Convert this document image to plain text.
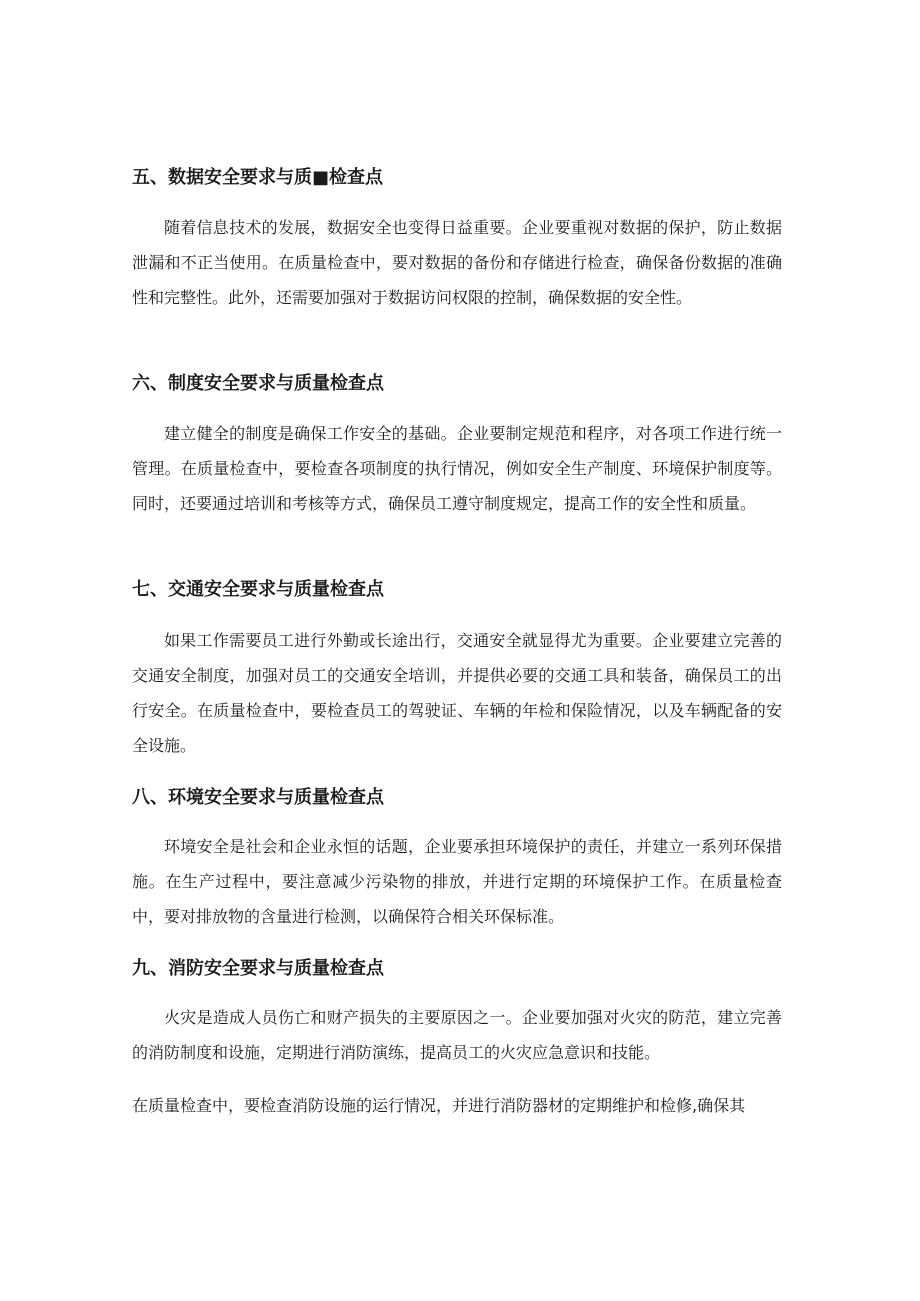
五、数据安全要求与质■检查点

随着信息技术的发展，数据安全也变得日益重要。企业要重视对数据的保护，防止数据泄漏和不正当使用。在质量检查中，要对数据的备份和存储进行检查，确保备份数据的准确性和完整性。此外，还需要加强对于数据访问权限的控制，确保数据的安全性。

六、制度安全要求与质量检查点

建立健全的制度是确保工作安全的基础。企业要制定规范和程序，对各项工作进行统一管理。在质量检查中，要检查各项制度的执行情况，例如安全生产制度、环境保护制度等。同时，还要通过培训和考核等方式，确保员工遵守制度规定，提高工作的安全性和质量。

七、交通安全要求与质量检查点

如果工作需要员工进行外勤或长途出行，交通安全就显得尤为重要。企业要建立完善的交通安全制度，加强对员工的交通安全培训，并提供必要的交通工具和装备，确保员工的出行安全。在质量检查中，要检查员工的驾驶证、车辆的年检和保险情况，以及车辆配备的安全设施。

八、环境安全要求与质量检查点

环境安全是社会和企业永恒的话题，企业要承担环境保护的责任，并建立一系列环保措施。在生产过程中，要注意减少污染物的排放，并进行定期的环境保护工作。在质量检查中，要对排放物的含量进行检测，以确保符合相关环保标准。

九、消防安全要求与质量检查点

火灾是造成人员伤亡和财产损失的主要原因之一。企业要加强对火灾的防范，建立完善的消防制度和设施，定期进行消防演练，提高员工的火灾应急意识和技能。

在质量检查中，要检查消防设施的运行情况，并进行消防器材的定期维护和检修,确保其
